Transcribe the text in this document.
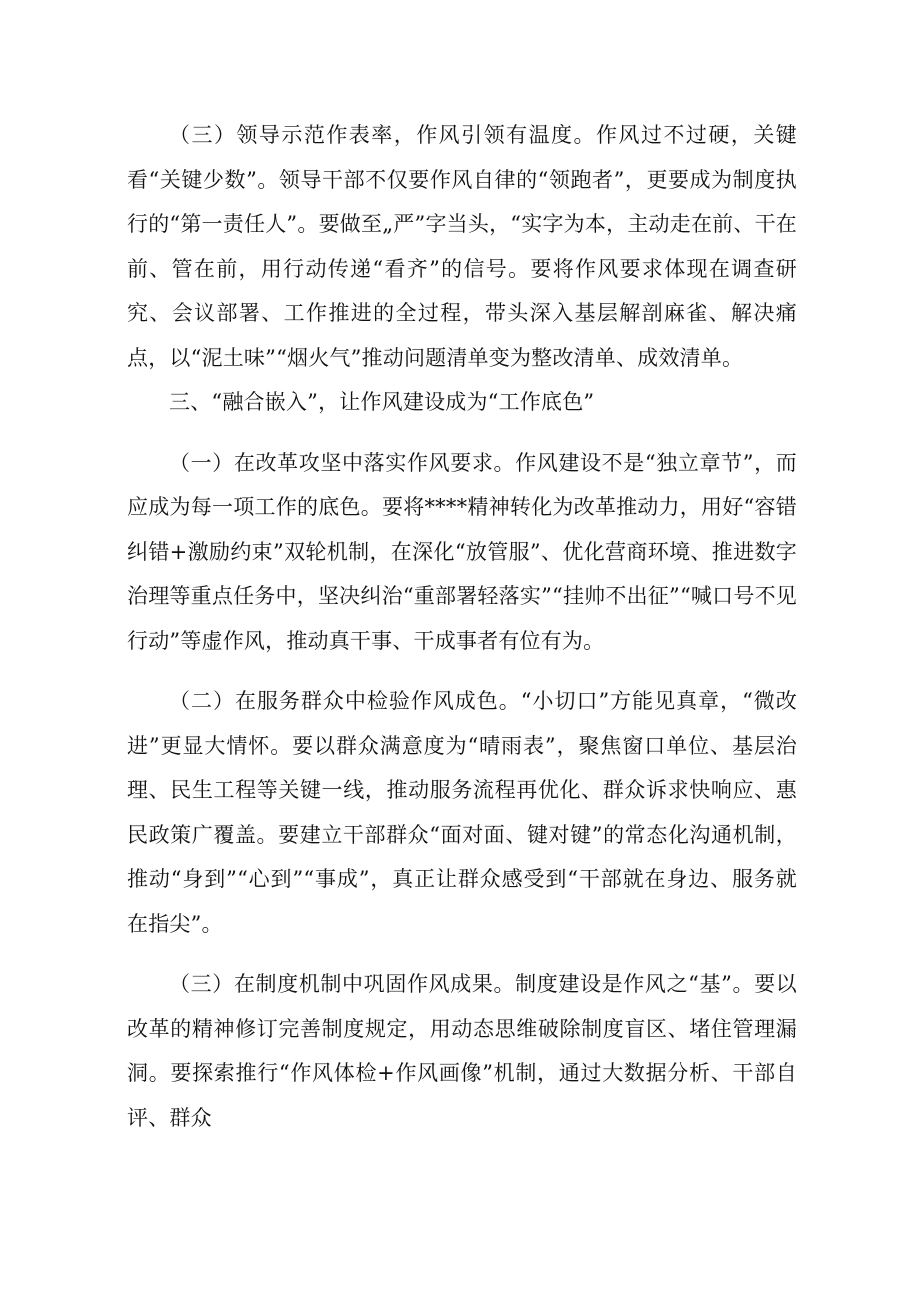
（三）领导示范作表率，作风引领有温度。作风过不过硬，关键看“关键少数”。领导干部不仅要作风自律的“领跑者”，更要成为制度执行的“第一责任人”。要做至„严”字当头，“实字为本，主动走在前、干在前、管在前，用行动传递“看齐”的信号。要将作风要求体现在调查研究、会议部署、工作推进的全过程，带头深入基层解剖麻雀、解决痛点，以“泥土味”“烟火气”推动问题清单变为整改清单、成效清单。

三、“融合嵌入”，让作风建设成为“工作底色”

（一）在改革攻坚中落实作风要求。作风建设不是“独立章节”，而应成为每一项工作的底色。要将****精神转化为改革推动力，用好“容错纠错+激励约束”双轮机制，在深化“放管服”、优化营商环境、推进数字治理等重点任务中，坚决纠治“重部署轻落实”“挂帅不出征”“喊口号不见行动”等虚作风，推动真干事、干成事者有位有为。

（二）在服务群众中检验作风成色。“小切口”方能见真章，“微改进”更显大情怀。要以群众满意度为“晴雨表”，聚焦窗口单位、基层治理、民生工程等关键一线，推动服务流程再优化、群众诉求快响应、惠民政策广覆盖。要建立干部群众“面对面、键对键”的常态化沟通机制，推动“身到”“心到”“事成”，真正让群众感受到“干部就在身边、服务就在指尖”。

（三）在制度机制中巩固作风成果。制度建设是作风之“基”。要以改革的精神修订完善制度规定，用动态思维破除制度盲区、堵住管理漏洞。要探索推行“作风体检+作风画像”机制，通过大数据分析、干部自评、群众
